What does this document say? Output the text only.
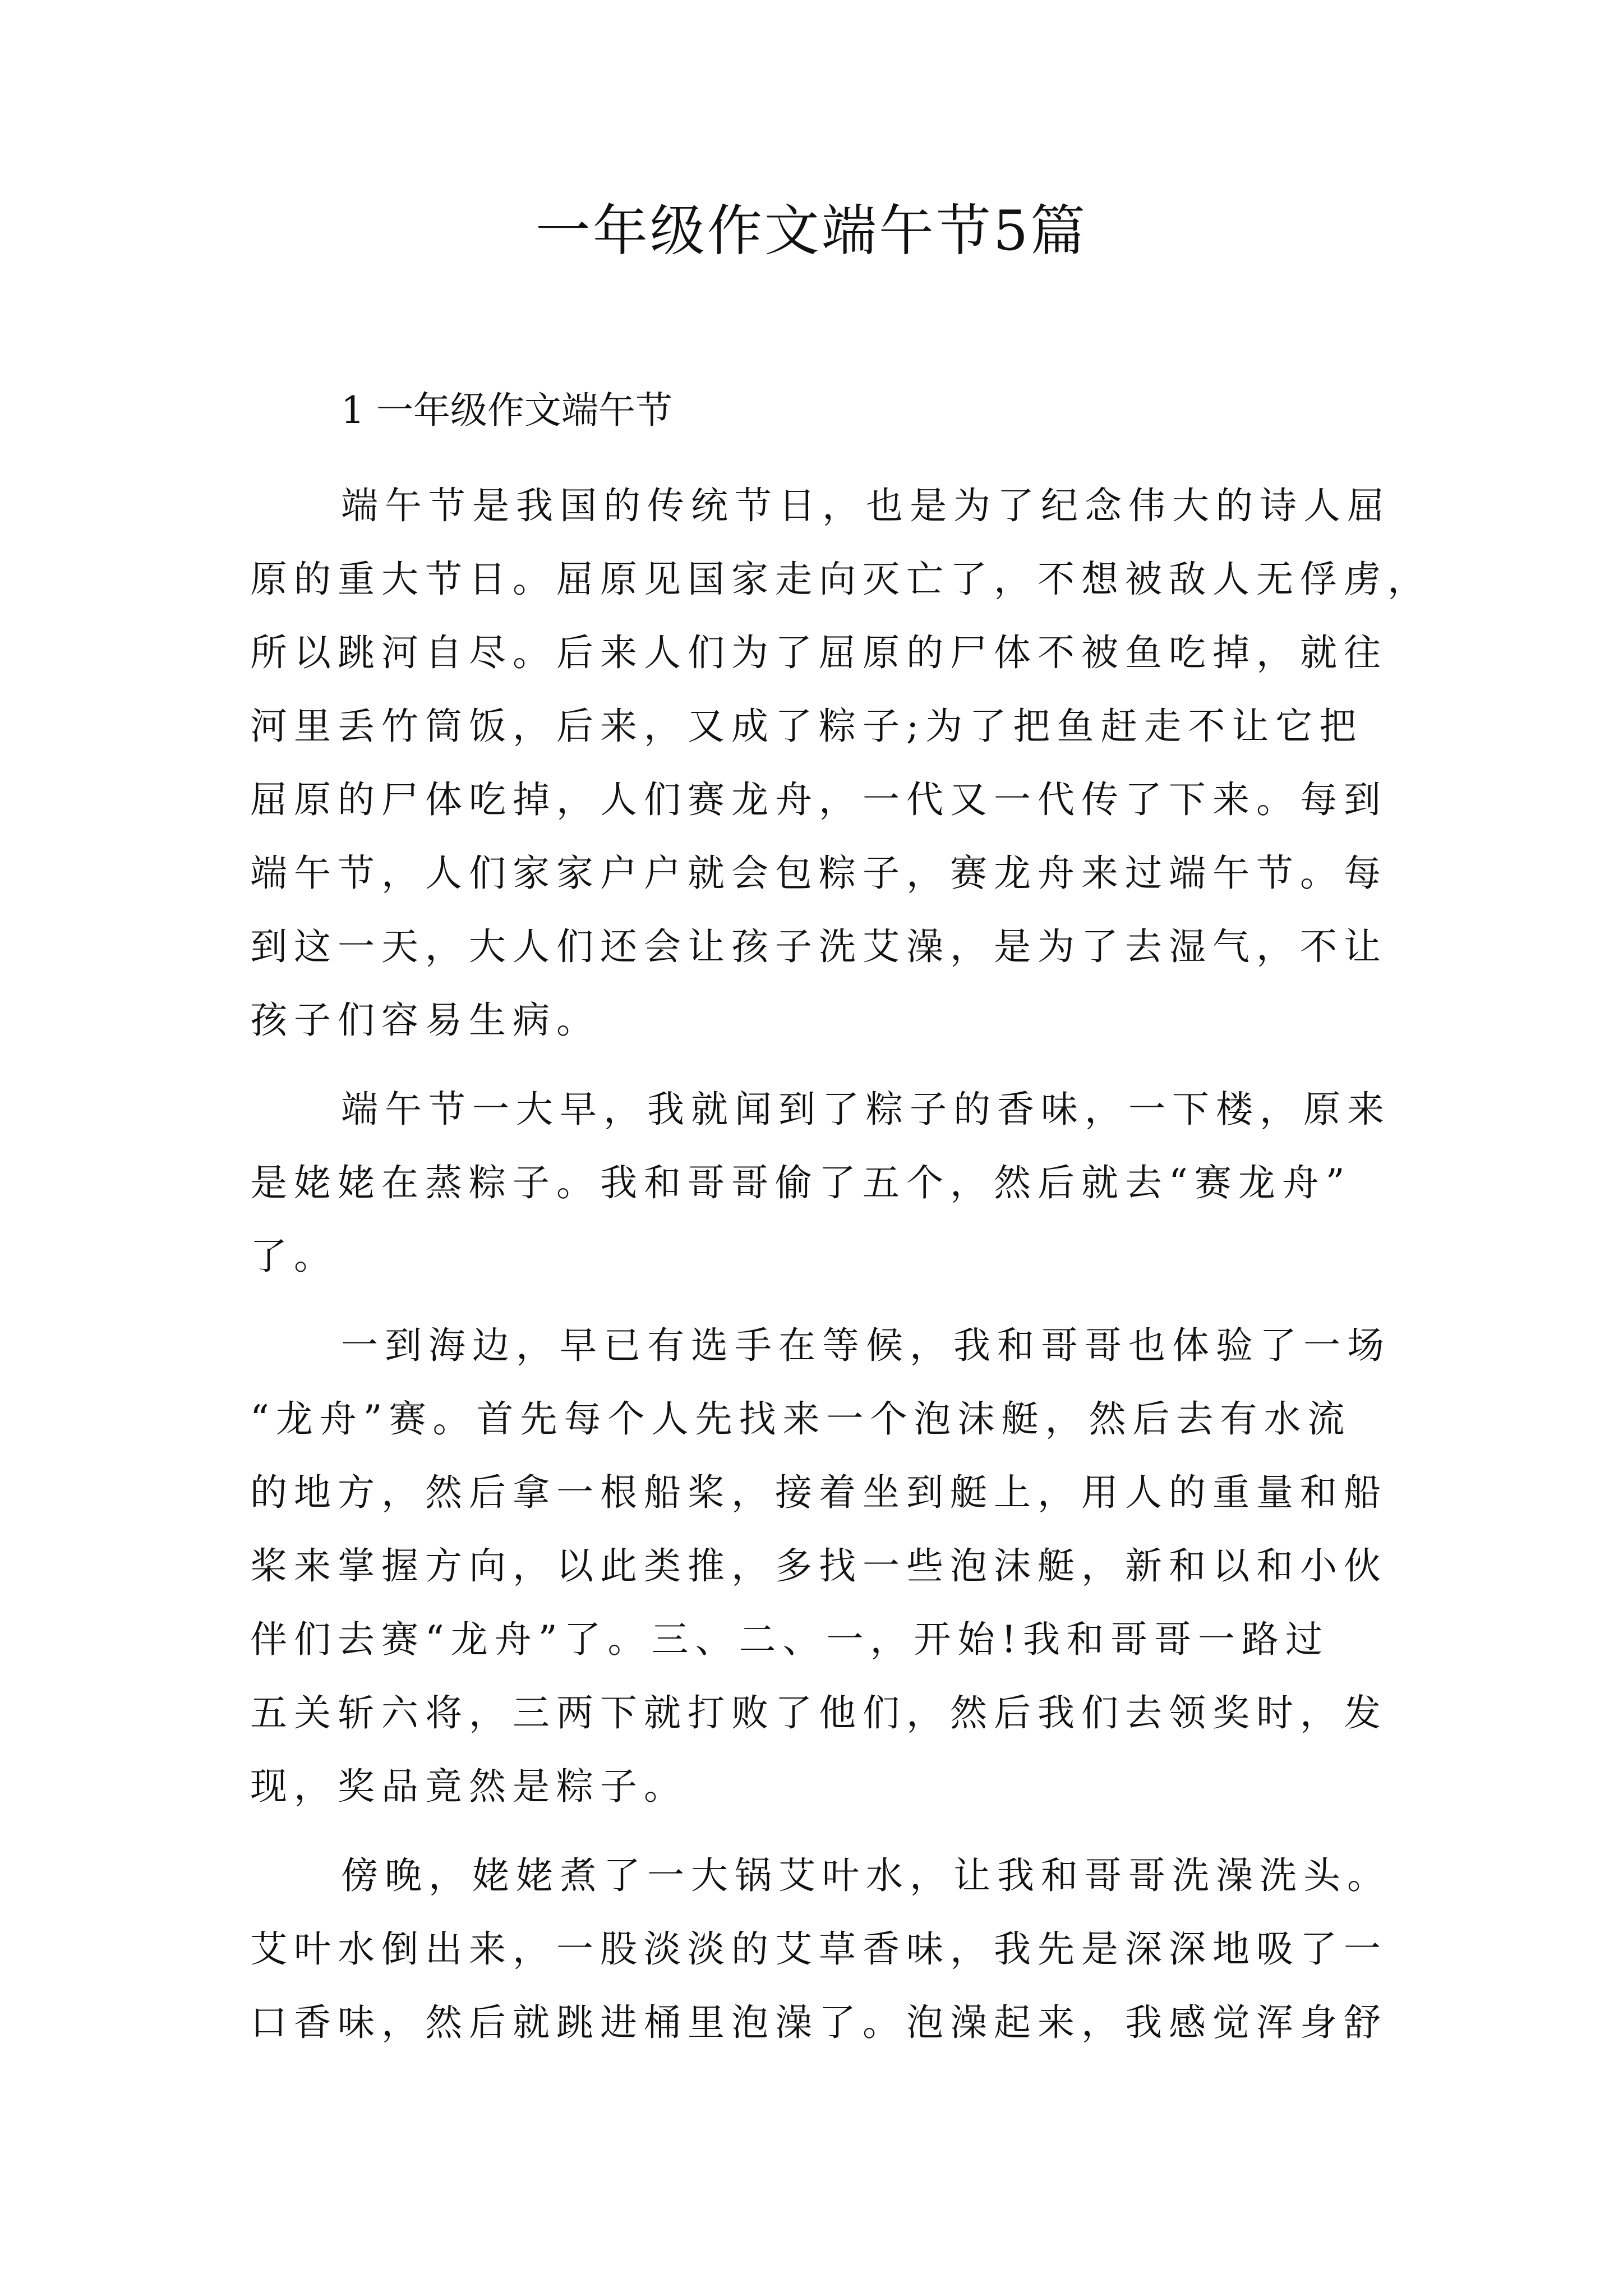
一年级作文端午节5篇
1 一年级作文端午节
端午节是我国的传统节日，也是为了纪念伟大的诗人屈
原的重大节日。屈原见国家走向灭亡了，不想被敌人无俘虏，
所以跳河自尽。后来人们为了屈原的尸体不被鱼吃掉，就往
河里丢竹筒饭，后来，又成了粽子;为了把鱼赶走不让它把
屈原的尸体吃掉，人们赛龙舟，一代又一代传了下来。每到
端午节，人们家家户户就会包粽子，赛龙舟来过端午节。每
到这一天，大人们还会让孩子洗艾澡，是为了去湿气，不让
孩子们容易生病。
端午节一大早，我就闻到了粽子的香味，一下楼，原来
是姥姥在蒸粽子。我和哥哥偷了五个，然后就去“赛龙舟”
了。
一到海边，早已有选手在等候，我和哥哥也体验了一场
“龙舟”赛。首先每个人先找来一个泡沫艇，然后去有水流
的地方，然后拿一根船桨，接着坐到艇上，用人的重量和船
桨来掌握方向，以此类推，多找一些泡沫艇，新和以和小伙
伴们去赛“龙舟”了。三、二、一，开始!我和哥哥一路过
五关斩六将，三两下就打败了他们，然后我们去领奖时，发
现，奖品竟然是粽子。
傍晚，姥姥煮了一大锅艾叶水，让我和哥哥洗澡洗头。
艾叶水倒出来，一股淡淡的艾草香味，我先是深深地吸了一
口香味，然后就跳进桶里泡澡了。泡澡起来，我感觉浑身舒
